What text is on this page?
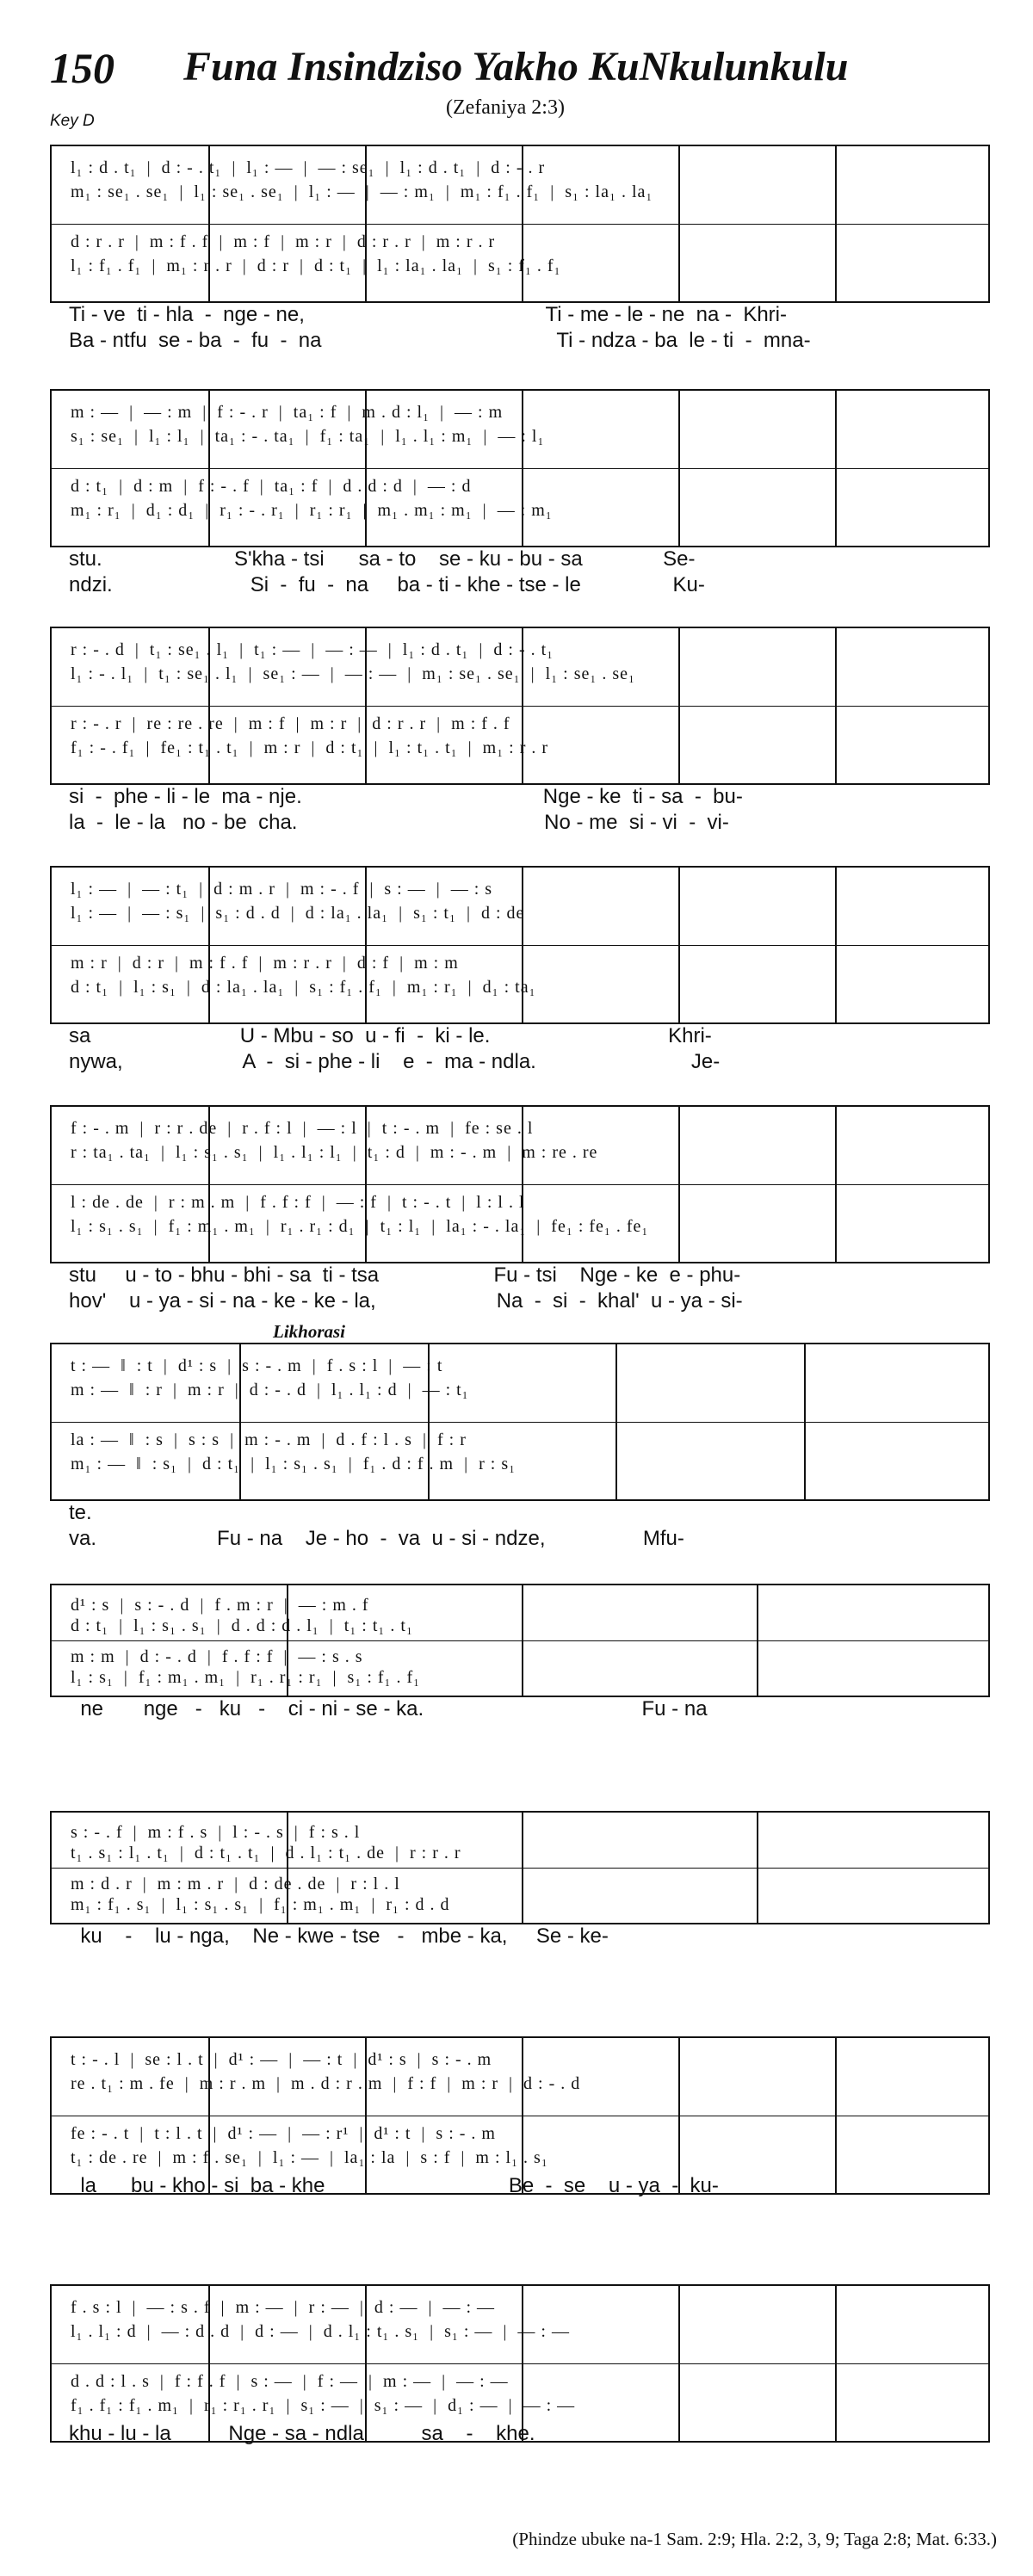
150 Funa Insindziso Yakho KuNkulunkulu
(Zefaniya 2:3)
Key D
Likhorasi
l₁ : d . t₁  |  d : - . t₁  |  l₁ : —  |  — : se₁  |  l₁ : d . t₁  |  d : - . r
m₁ : se₁ . se₁  |  l₁ : se₁ . se₁  |  l₁ : —  |  — : m₁  |  m₁ : f₁ . f₁  |  s₁ : la₁ . la₁
d : r . r  |  m : f . f  |  m : f  |  m : r  |  d : r . r  |  m : r . r
l₁ : f₁ . f₁  |  m₁ : r . r  |  d : r  |  d : t₁  |  l₁ : la₁ . la₁  |  s₁ : f₁ . f₁
Ti - ve  ti - hla  -  nge - ne,                                          Ti - me - le - ne  na -  Khri-
Ba - ntfu  se - ba  -  fu  -  na                                         Ti - ndza - ba  le - ti  -  mna-
m : —  |  — : m  |  f : - . r  |  ta₁ : f  |  m . d : l₁  |  — : m
s₁ : se₁  |  l₁ : l₁  |  ta₁ : - . ta₁  |  f₁ : ta₁  |  l₁ . l₁ : m₁  |  — : l₁
d : t₁  |  d : m  |  f : - . f  |  ta₁ : f  |  d . d : d  |  — : d
m₁ : r₁  |  d₁ : d₁  |  r₁ : - . r₁  |  r₁ : r₁  |  m₁ . m₁ : m₁  |  — : m₁
stu.                       S'kha - tsi      sa - to    se - ku - bu - sa              Se-
ndzi.                        Si  -  fu  -  na     ba - ti - khe - tse - le                Ku-
r : - . d  |  t₁ : se₁ . l₁  |  t₁ : —  |  — : —  |  l₁ : d . t₁  |  d : - . t₁
l₁ : - . l₁  |  t₁ : se₁ . l₁  |  se₁ : —  |  — : —  |  m₁ : se₁ . se₁  |  l₁ : se₁ . se₁
r : - . r  |  re : re . re  |  m : f  |  m : r  |  d : r . r  |  m : f . f
f₁ : - . f₁  |  fe₁ : t₁ . t₁  |  m : r  |  d : t₁  |  l₁ : t₁ . t₁  |  m₁ : r . r
si  -  phe - li - le  ma - nje.                                          Nge - ke  ti - sa  -  bu-
la  -  le - la   no - be  cha.                                           No - me  si - vi  -  vi-
l₁ : —  |  — : t₁  |  d : m . r  |  m : - . f  |  s : —  |  — : s
l₁ : —  |  — : s₁  |  s₁ : d . d  |  d : la₁ . la₁  |  s₁ : t₁  |  d : de
m : r  |  d : r  |  m : f . f  |  m : r . r  |  d : f  |  m : m
d : t₁  |  l₁ : s₁  |  d : la₁ . la₁  |  s₁ : f₁ . f₁  |  m₁ : r₁  |  d₁ : ta₁
sa                          U - Mbu - so  u - fi  -  ki - le.                               Khri-
nywa,                     A  -  si - phe - li    e  -  ma - ndla.                           Je-
f : - . m  |  r : r . de  |  r . f : l  |  — : l  |  t : - . m  |  fe : se . l
r : ta₁ . ta₁  |  l₁ : s₁ . s₁  |  l₁ . l₁ : l₁  |  t₁ : d  |  m : - . m  |  m : re . re
l : de . de  |  r : m . m  |  f . f : f  |  — : f  |  t : - . t  |  l : l . l
l₁ : s₁ . s₁  |  f₁ : m₁ . m₁  |  r₁ . r₁ : d₁  |  t₁ : l₁  |  la₁ : - . la₁  |  fe₁ : fe₁ . fe₁
stu     u - to - bhu - bhi - sa  ti - tsa                    Fu - tsi    Nge - ke  e - phu-
hov'    u - ya - si - na - ke - ke - la,                     Na  -  si  -  khal'  u - ya - si-
t : —  ‖  : t  |  d¹ : s  |  s : - . m  |  f . s : l  |  — : t
m : —  ‖  : r  |  m : r  |  d : - . d  |  l₁ . l₁ : d  |  — : t₁
la : —  ‖  : s  |  s : s  |  m : - . m  |  d . f : l . s  |  f : r
m₁ : —  ‖  : s₁  |  d : t₁  |  l₁ : s₁ . s₁  |  f₁ . d : f . m  |  r : s₁
te.
va.                     Fu - na    Je - ho  -  va  u - si - ndze,                 Mfu-
d¹ : s  |  s : - . d  |  f . m : r  |  — : m . f
d : t₁  |  l₁ : s₁ . s₁  |  d . d : d . l₁  |  t₁ : t₁ . t₁
m : m  |  d : - . d  |  f . f : f  |  — : s . s
l₁ : s₁  |  f₁ : m₁ . m₁  |  r₁ . r₁ : r₁  |  s₁ : f₁ . f₁
ne       nge   -   ku   -    ci - ni - se - ka.                                      Fu - na
s : - . f  |  m : f . s  |  l : - . s  |  f : s . l
t₁ . s₁ : l₁ . t₁  |  d : t₁ . t₁  |  d . l₁ : t₁ . de  |  r : r . r
m : d . r  |  m : m . r  |  d : de . de  |  r : l . l
m₁ : f₁ . s₁  |  l₁ : s₁ . s₁  |  f₁ : m₁ . m₁  |  r₁ : d . d
ku    -    lu - nga,    Ne - kwe - tse   -   mbe - ka,     Se - ke-
t : - . l  |  se : l . t  |  d¹ : —  |  — : t  |  d¹ : s  |  s : - . m
re . t₁ : m . fe  |  m : r . m  |  m . d : r . m  |  f : f  |  m : r  |  d : - . d
fe : - . t  |  t : l . t  |  d¹ : —  |  — : r¹  |  d¹ : t  |  s : - . m
t₁ : de . re  |  m : f . se₁  |  l₁ : —  |  la₁ : la  |  s : f  |  m : l₁ . s₁
la      bu - kho - si  ba - khe                                Be  -  se    u - ya  -  ku-
f . s : l  |  — : s . f  |  m : —  |  r : —  |  d : —  |  — : —
l₁ . l₁ : d  |  — : d . d  |  d : —  |  d . l₁ : t₁ . s₁  |  s₁ : —  |  — : —
d . d : l . s  |  f : f . f  |  s : —  |  f : —  |  m : —  |  — : —
f₁ . f₁ : f₁ . m₁  |  r₁ : r₁ . r₁  |  s₁ : —  |  s₁ : —  |  d₁ : —  |  — : —
khu - lu - la          Nge - sa - ndla          sa    -    khe.
(Phindze ubuke na-1 Sam. 2:9; Hla. 2:2, 3, 9; Taga 2:8; Mat. 6:33.)
